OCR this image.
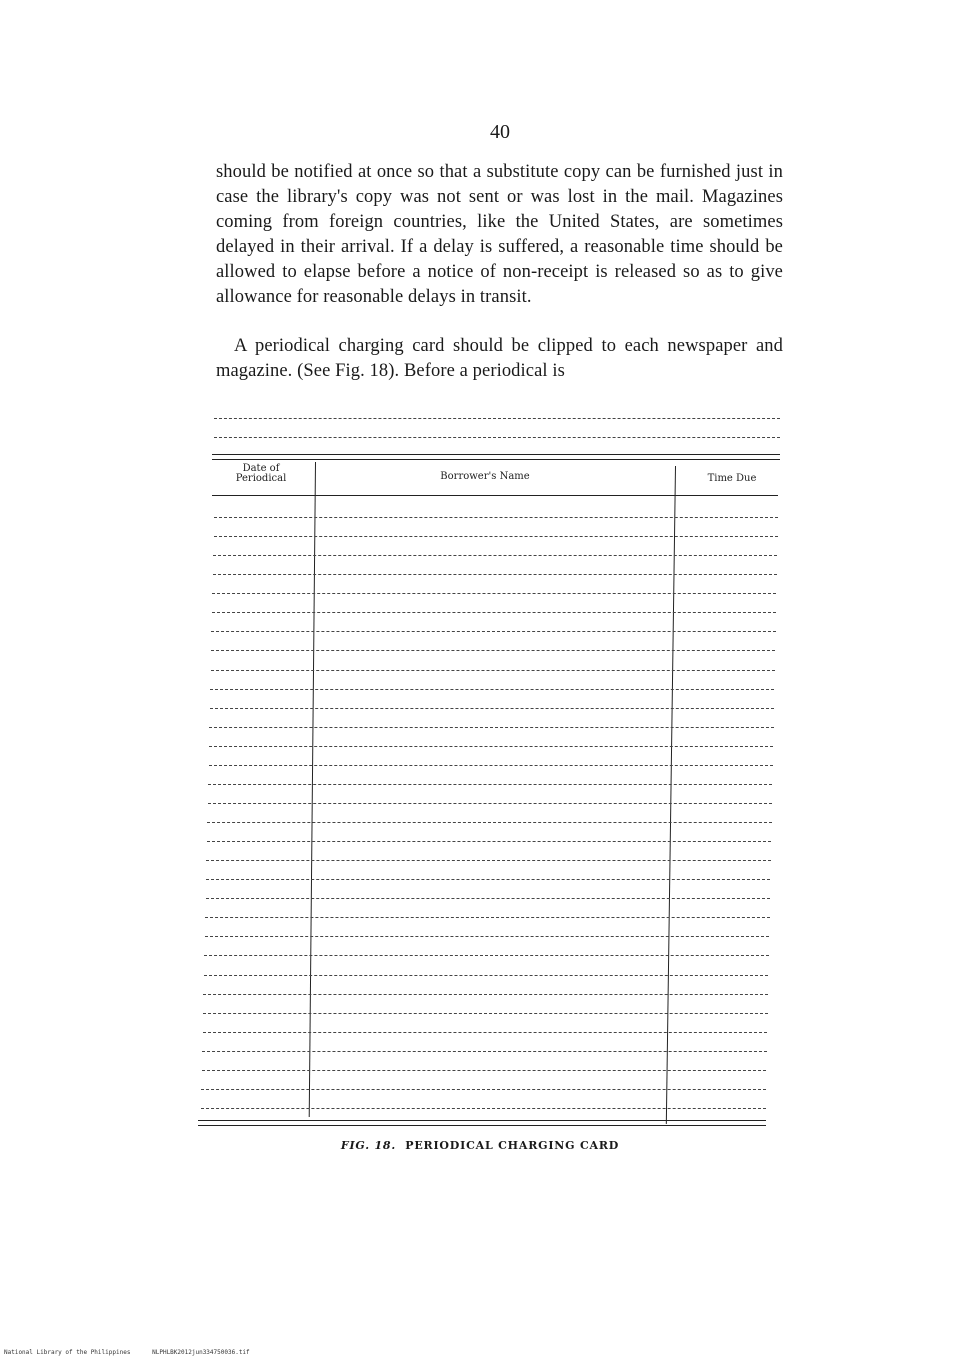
40

should be notified at once so that a substitute copy can be furnished just in case the library's copy was not sent or was lost in the mail. Magazines coming from foreign countries, like the United States, are sometimes delayed in their arrival. If a delay is suffered, a reasonable time should be allowed to elapse before a notice of non-receipt is released so as to give allowance for reasonable delays in transit.

A periodical charging card should be clipped to each newspaper and magazine. (See Fig. 18). Before a periodical is

Date of Periodical	Borrower's Name	Time Due
FIG. 18. PERIODICAL CHARGING CARD
National Library of the Philippines	NLPHLBK2012jun334750036.tif
